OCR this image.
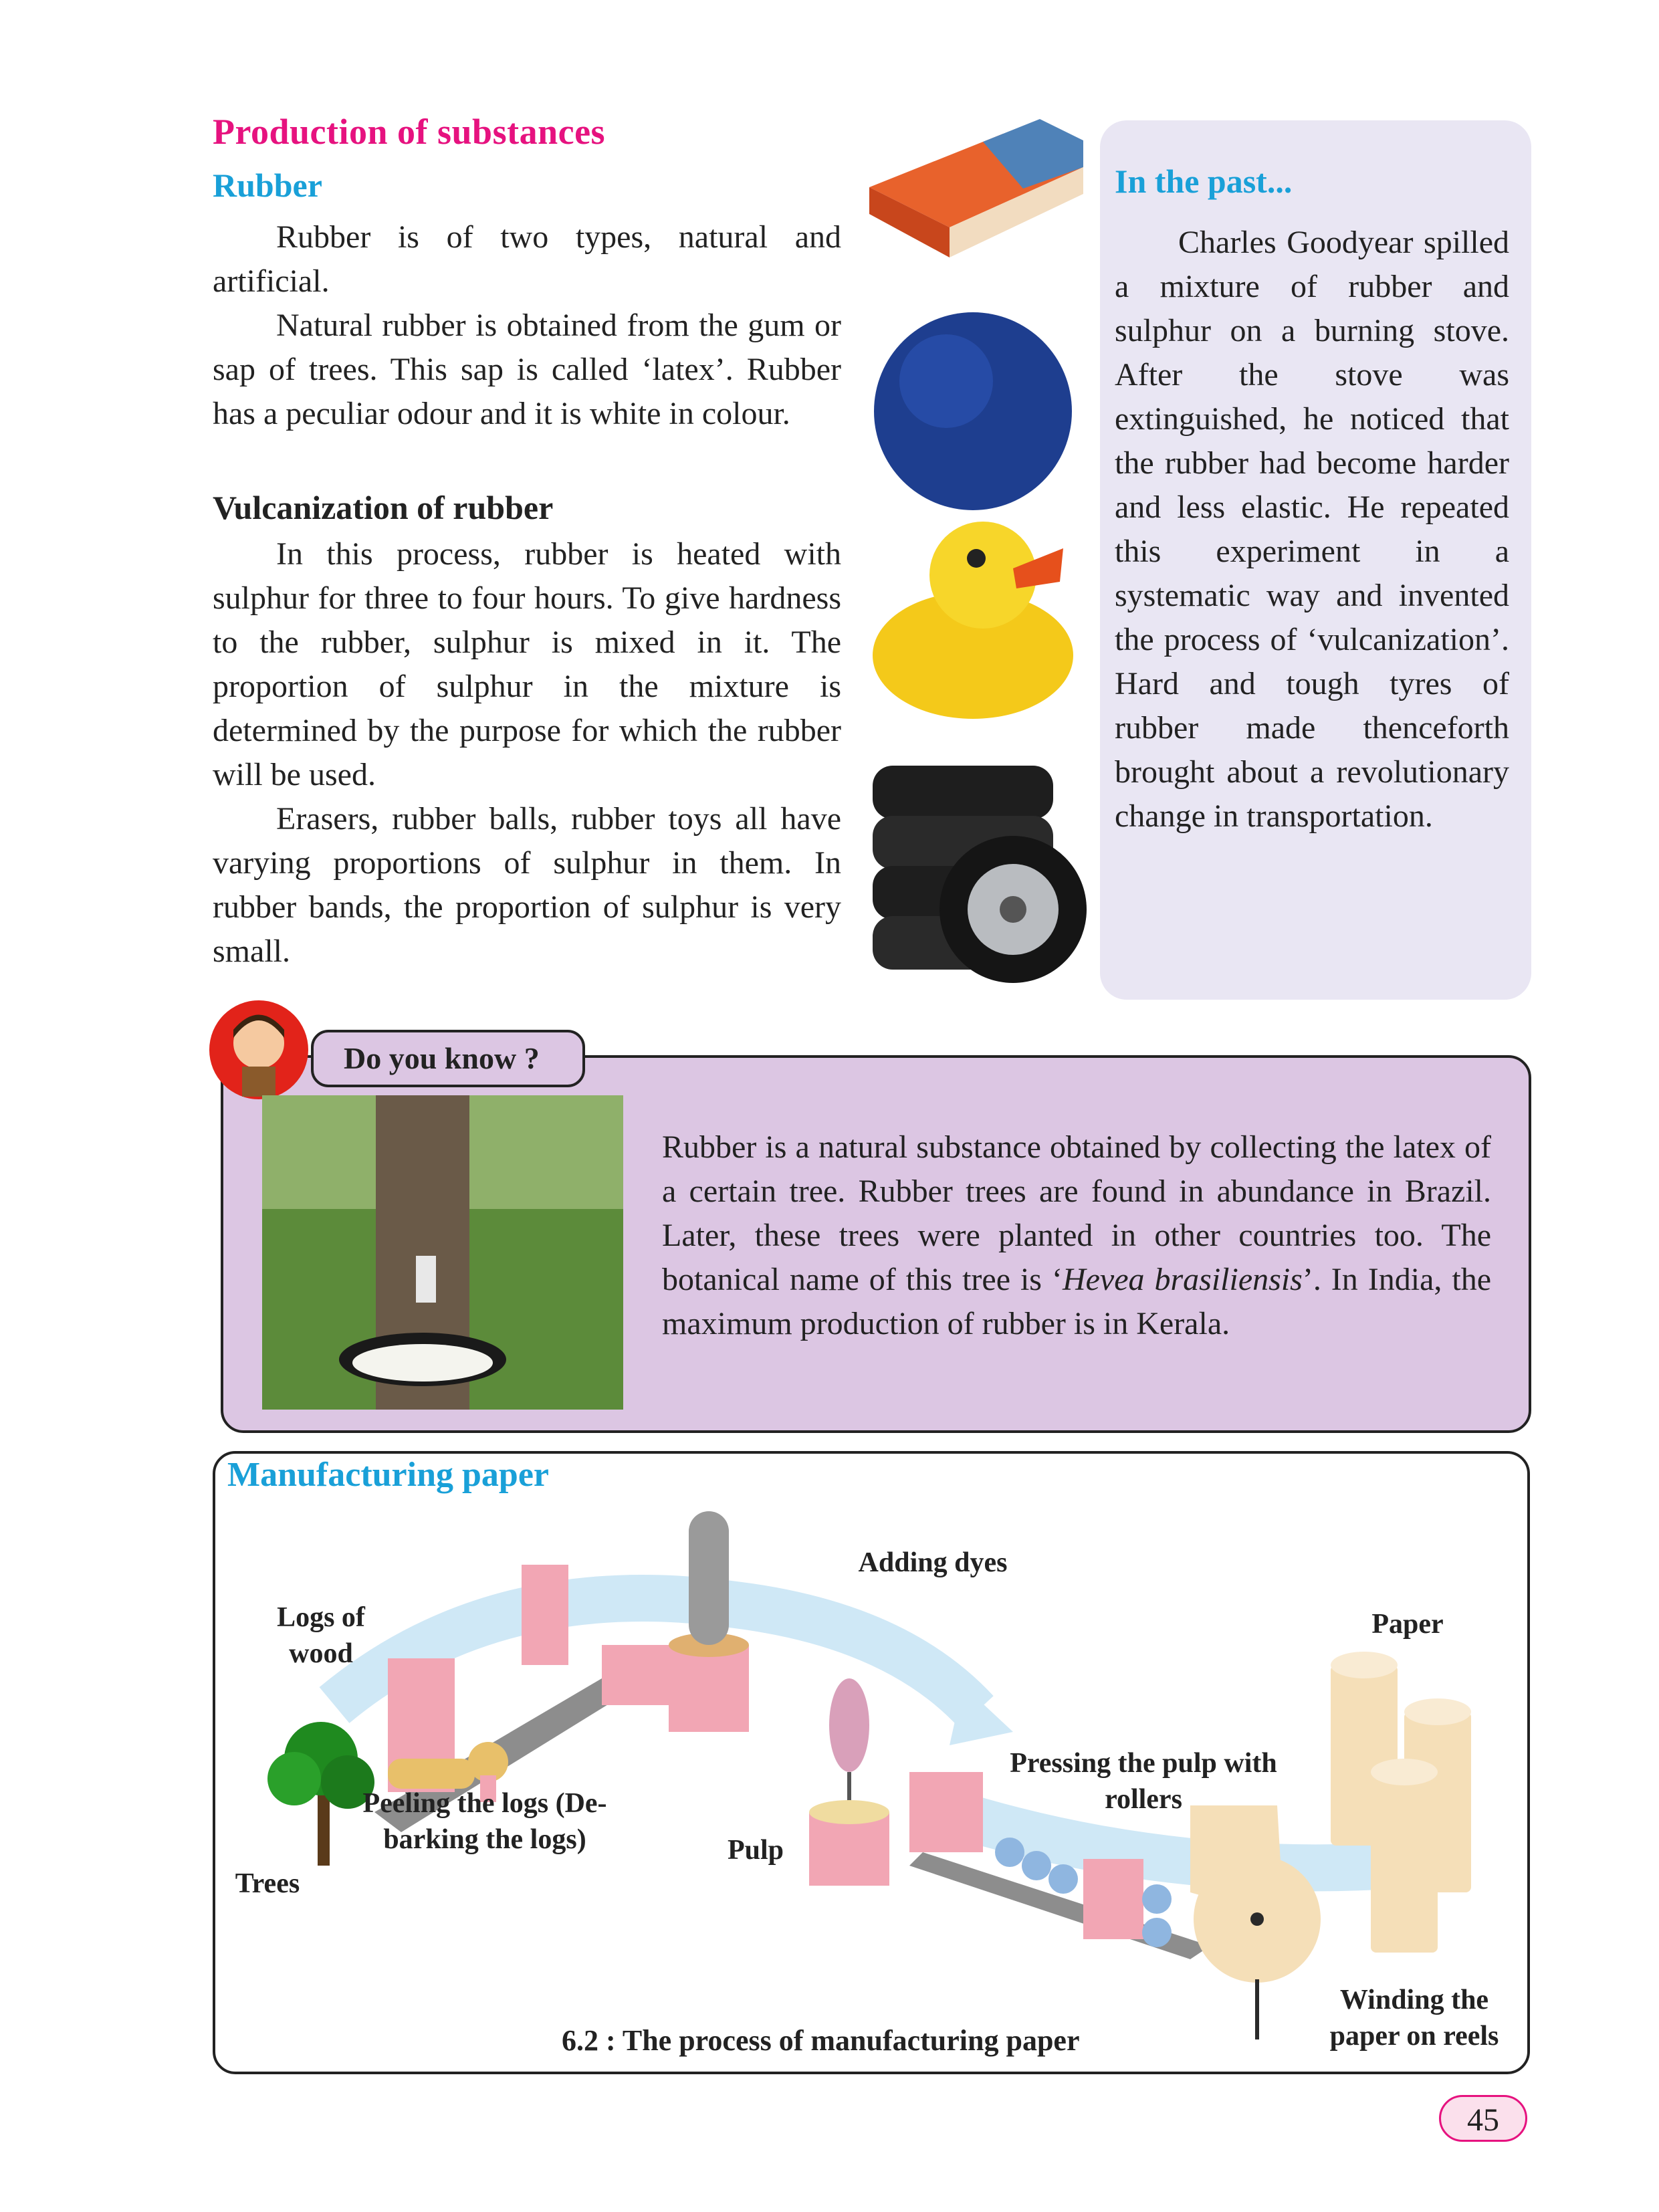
Production of substances
Rubber

Rubber is of two types, natural and artificial.

Natural rubber is obtained from the gum or sap of trees. This sap is called ‘latex’. Rubber has a peculiar odour and it is white in colour.

Vulcanization of rubber

In this process, rubber is heated with sulphur for three to four hours. To give hardness to the rubber, sulphur is mixed in it. The proportion of sulphur in the mixture is determined by the purpose for which the rubber will be used.

Erasers, rubber balls, rubber toys all have varying proportions of sulphur in them. In rubber bands, the proportion of sulphur is very small.

In the past...

Charles Goodyear spilled a mixture of rubber and sulphur on a burning stove. After the stove was extinguished, he noticed that the rubber had become harder and less elastic. He repeated this experiment in a systematic way and invented the process of ‘vulcanization’. Hard and tough tyres of rubber made thenceforth brought about a revolutionary change in transportation.

Do you know ?
Rubber is a natural substance obtained by collecting the latex of a certain tree. Rubber trees are found in abundance in Brazil. Later, these trees were planted in other countries too. The botanical name of this tree is ‘Hevea brasiliensis’. In India, the maximum production of rubber is in Kerala.
Manufacturing paper
Logs of wood
Trees
Peeling the logs (De-barking the logs)
Adding dyes
Pulp
Pressing the pulp with rollers
Paper
Winding the paper on reels
6.2 : The process of manufacturing paper
45
